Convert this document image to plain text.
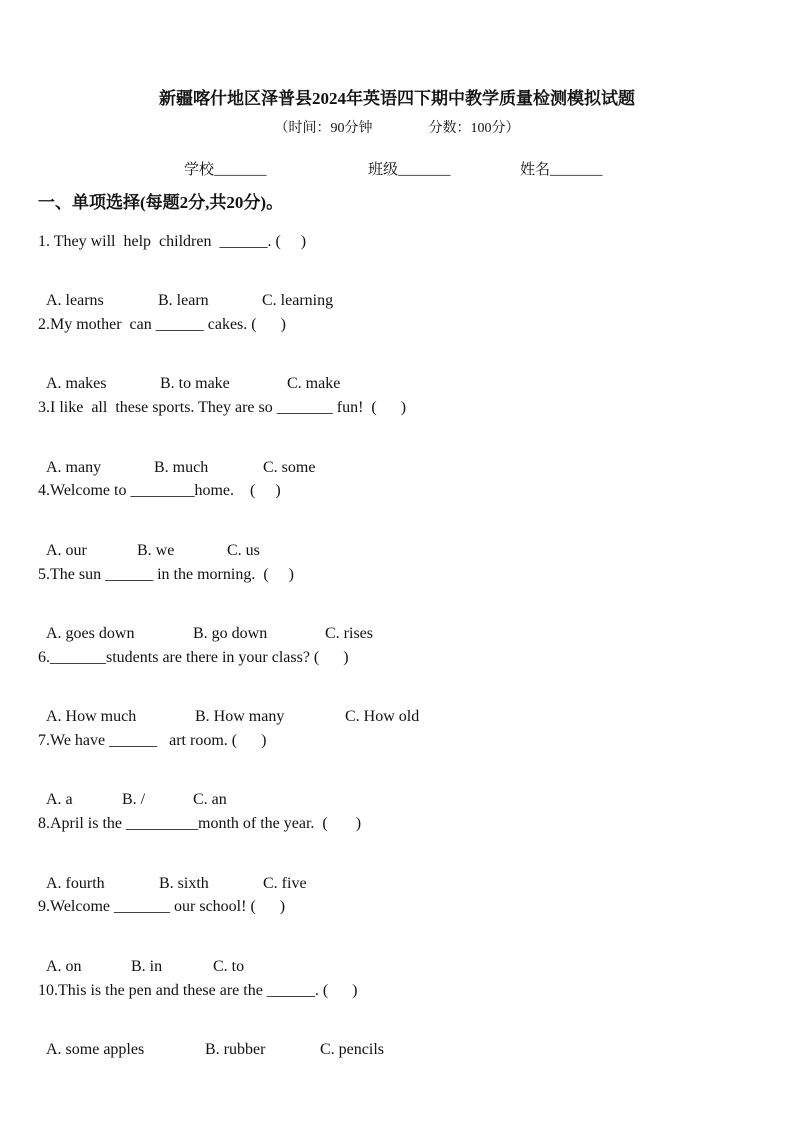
新疆喀什地区泽普县2024年英语四下期中教学质量检测模拟试题
（时间：90分钟                分数：100分）
学校_______	班级_______	姓名_______
一、单项选择(每题2分,共20分)。
1. They will  help  children  ______. (     )

A. learns	B. learn	C. learning

2.My mother  can ______ cakes. (      )

A. makes	B. to make	C. make

3.I like  all  these sports. They are so _______ fun!  (      )

A. many	B. much	C. some

4.Welcome to ________home.    (     )

A. our	B. we	C. us

5.The sun ______ in the morning.  (     )

A. goes down	B. go down	C. rises

6._______students are there in your class? (      )

A. How much	B. How many	C. How old

7.We have ______   art room. (      )

A. a	B. /	C. an

8.April is the _________month of the year.  (       )

A. fourth	B. sixth	C. five

9.Welcome _______ our school! (      )

A. on	B. in	C. to

10.This is the pen and these are the ______. (      )

A. some apples	B. rubber	C. pencils
